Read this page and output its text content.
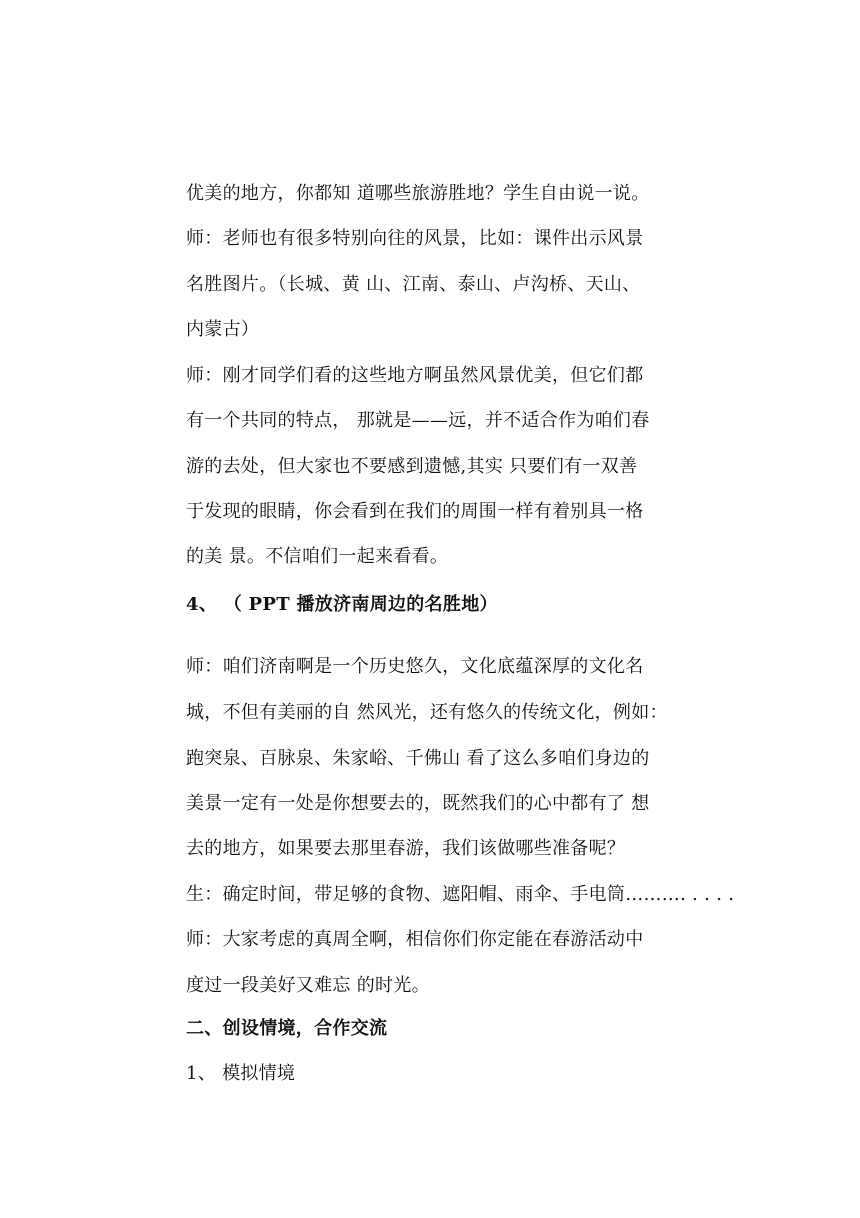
优美的地方，你都知 道哪些旅游胜地？学生自由说一说。

师：老师也有很多特别向往的风景，比如：课件出示风景

名胜图片。（长城、黄 山、江南、泰山、卢沟桥、天山、

内蒙古）

师：刚才同学们看的这些地方啊虽然风景优美，但它们都

有一个共同的特点， 那就是——远，并不适合作为咱们春

游的去处，但大家也不要感到遗憾,其实 只要们有一双善

于发现的眼睛，你会看到在我们的周围一样有着别具一格

的美 景。不信咱们一起来看看。

4、 （ PPT 播放济南周边的名胜地）

师：咱们济南啊是一个历史悠久，文化底蕴深厚的文化名

城，不但有美丽的自 然风光，还有悠久的传统文化，例如：

跑突泉、百脉泉、朱家峪、千佛山 看了这么多咱们身边的

美景一定有一处是你想要去的，既然我们的心中都有了 想

去的地方，如果要去那里春游，我们该做哪些准备呢？

生：确定时间，带足够的食物、遮阳帽、雨伞、手电筒………. . . . .

师：大家考虑的真周全啊，相信你们你定能在春游活动中

度过一段美好又难忘 的时光。

二、创设情境，合作交流

1、 模拟情境
